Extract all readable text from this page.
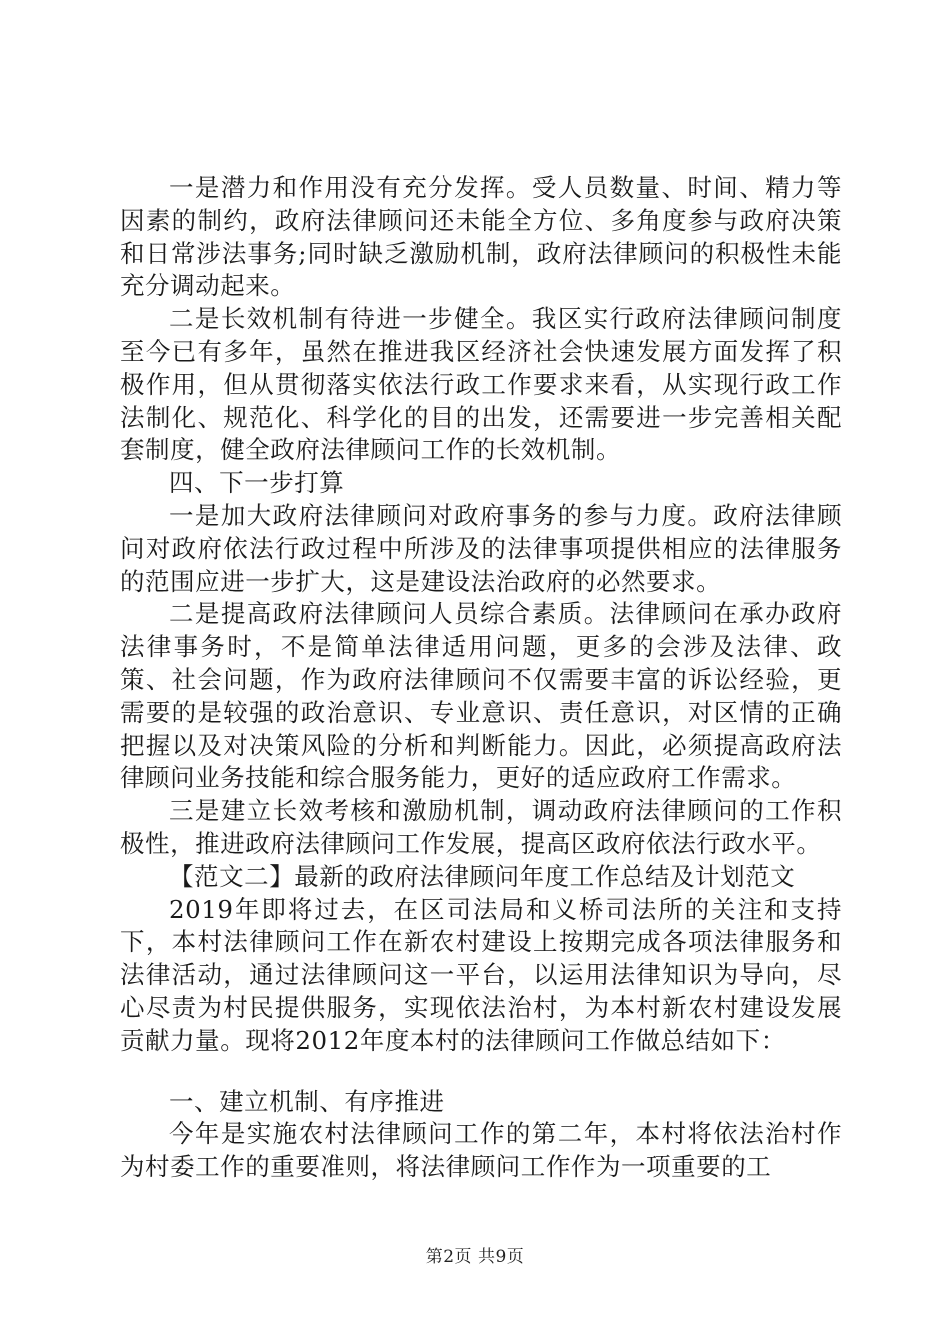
一是潜力和作用没有充分发挥。受人员数量、时间、精力等因素的制约，政府法律顾问还未能全方位、多角度参与政府决策和日常涉法事务;同时缺乏激励机制，政府法律顾问的积极性未能充分调动起来。

二是长效机制有待进一步健全。我区实行政府法律顾问制度至今已有多年，虽然在推进我区经济社会快速发展方面发挥了积极作用，但从贯彻落实依法行政工作要求来看，从实现行政工作法制化、规范化、科学化的目的出发，还需要进一步完善相关配套制度，健全政府法律顾问工作的长效机制。

四、下一步打算

一是加大政府法律顾问对政府事务的参与力度。政府法律顾问对政府依法行政过程中所涉及的法律事项提供相应的法律服务的范围应进一步扩大，这是建设法治政府的必然要求。

二是提高政府法律顾问人员综合素质。法律顾问在承办政府法律事务时，不是简单法律适用问题，更多的会涉及法律、政策、社会问题，作为政府法律顾问不仅需要丰富的诉讼经验，更需要的是较强的政治意识、专业意识、责任意识，对区情的正确把握以及对决策风险的分析和判断能力。因此，必须提高政府法律顾问业务技能和综合服务能力，更好的适应政府工作需求。

三是建立长效考核和激励机制，调动政府法律顾问的工作积极性，推进政府法律顾问工作发展，提高区政府依法行政水平。

【范文二】最新的政府法律顾问年度工作总结及计划范文

2019年即将过去，在区司法局和义桥司法所的关注和支持下，本村法律顾问工作在新农村建设上按期完成各项法律服务和法律活动，通过法律顾问这一平台，以运用法律知识为导向，尽心尽责为村民提供服务，实现依法治村，为本村新农村建设发展贡献力量。现将2012年度本村的法律顾问工作做总结如下：

一、建立机制、有序推进

今年是实施农村法律顾问工作的第二年，本村将依法治村作为村委工作的重要准则，将法律顾问工作作为一项重要的工

第2页 共9页
